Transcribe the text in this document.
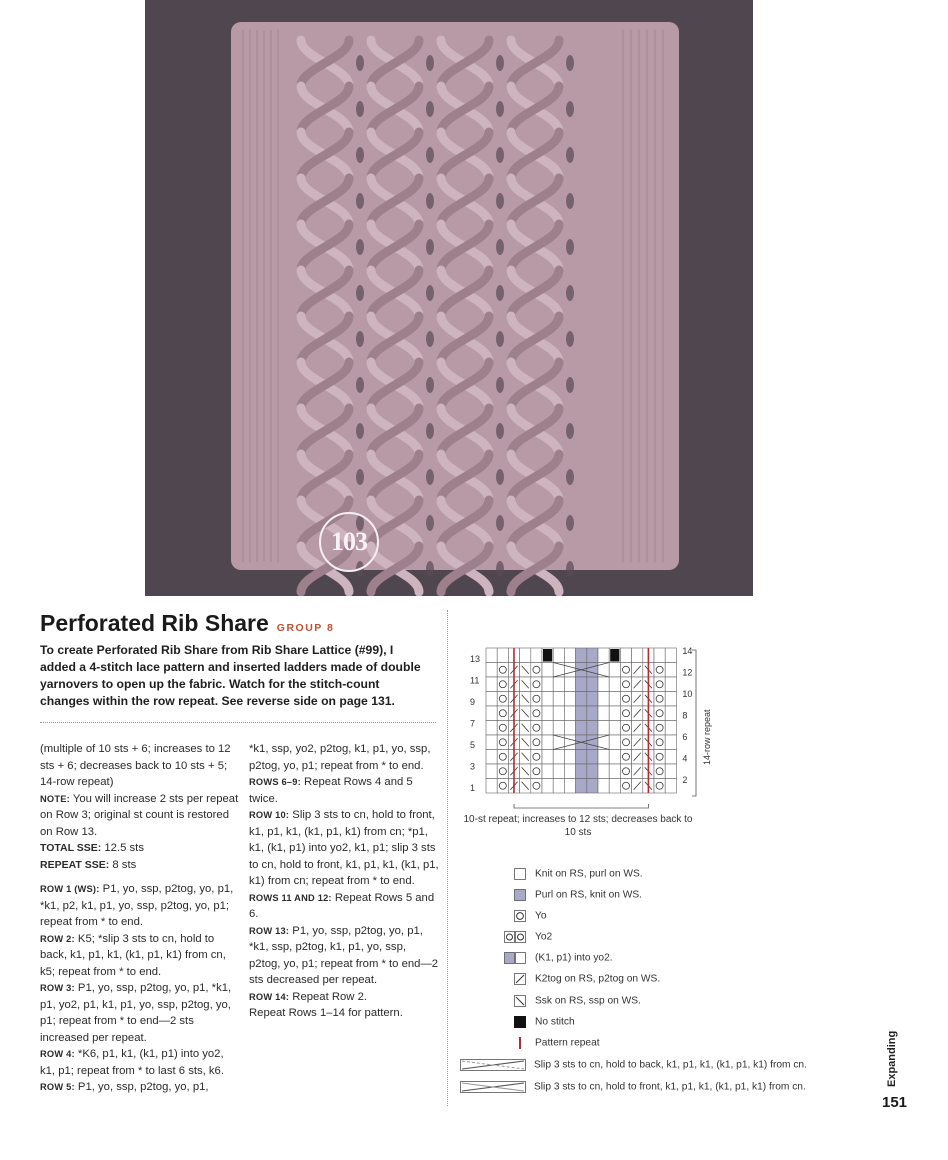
103
Perforated Rib Share GROUP 8
To create Perforated Rib Share from Rib Share Lattice (#99), I added a 4-stitch lace pattern and inserted ladders made of double yarnovers to open up the fabric. Watch for the stitch-count changes within the row repeat. See reverse side on page 131.

(multiple of 10 sts + 6; increases to 12 sts + 6; decreases back to 10 sts + 5; 14-row repeat)

NOTE: You will increase 2 sts per repeat on Row 3; original st count is restored on Row 13.

TOTAL SSE: 12.5 sts

REPEAT SSE: 8 sts

ROW 1 (WS): P1, yo, ssp, p2tog, yo, p1, *k1, p2, k1, p1, yo, ssp, p2tog, yo, p1; repeat from * to end.

ROW 2: K5; *slip 3 sts to cn, hold to back, k1, p1, k1, (k1, p1, k1) from cn, k5; repeat from * to end.

ROW 3: P1, yo, ssp, p2tog, yo, p1, *k1, p1, yo2, p1, k1, p1, yo, ssp, p2tog, yo, p1; repeat from * to end—2 sts increased per repeat.

ROW 4: *K6, p1, k1, (k1, p1) into yo2, k1, p1; repeat from * to last 6 sts, k6.

ROW 5: P1, yo, ssp, p2tog, yo, p1,

*k1, ssp, yo2, p2tog, k1, p1, yo, ssp, p2tog, yo, p1; repeat from * to end.

ROWS 6–9: Repeat Rows 4 and 5 twice.

ROW 10: Slip 3 sts to cn, hold to front, k1, p1, k1, (k1, p1, k1) from cn; *p1, k1, (k1, p1) into yo2, k1, p1; slip 3 sts to cn, hold to front, k1, p1, k1, (k1, p1, k1) from cn; repeat from * to end.

ROWS 11 AND 12: Repeat Rows 5 and 6.

ROW 13: P1, yo, ssp, p2tog, yo, p1, *k1, ssp, p2tog, k1, p1, yo, ssp, p2tog, yo, p1; repeat from * to end—2 sts decreased per repeat.

ROW 14: Repeat Row 2.

Repeat Rows 1–14 for pattern.

13
11
9
7
5
3
1
14
12
10
8
6
4
2
14-row repeat
10-st repeat; increases to 12 sts; decreases back to 10 sts
Knit on RS, purl on WS.
Purl on RS, knit on WS.
Yo
Yo2
(K1, p1) into yo2.
K2tog on RS, p2tog on WS.
Ssk on RS, ssp on WS.
No stitch
Pattern repeat
Slip 3 sts to cn, hold to back, k1, p1, k1, (k1, p1, k1) from cn.
Slip 3 sts to cn, hold to front, k1, p1, k1, (k1, p1, k1) from cn.
Expanding
151
